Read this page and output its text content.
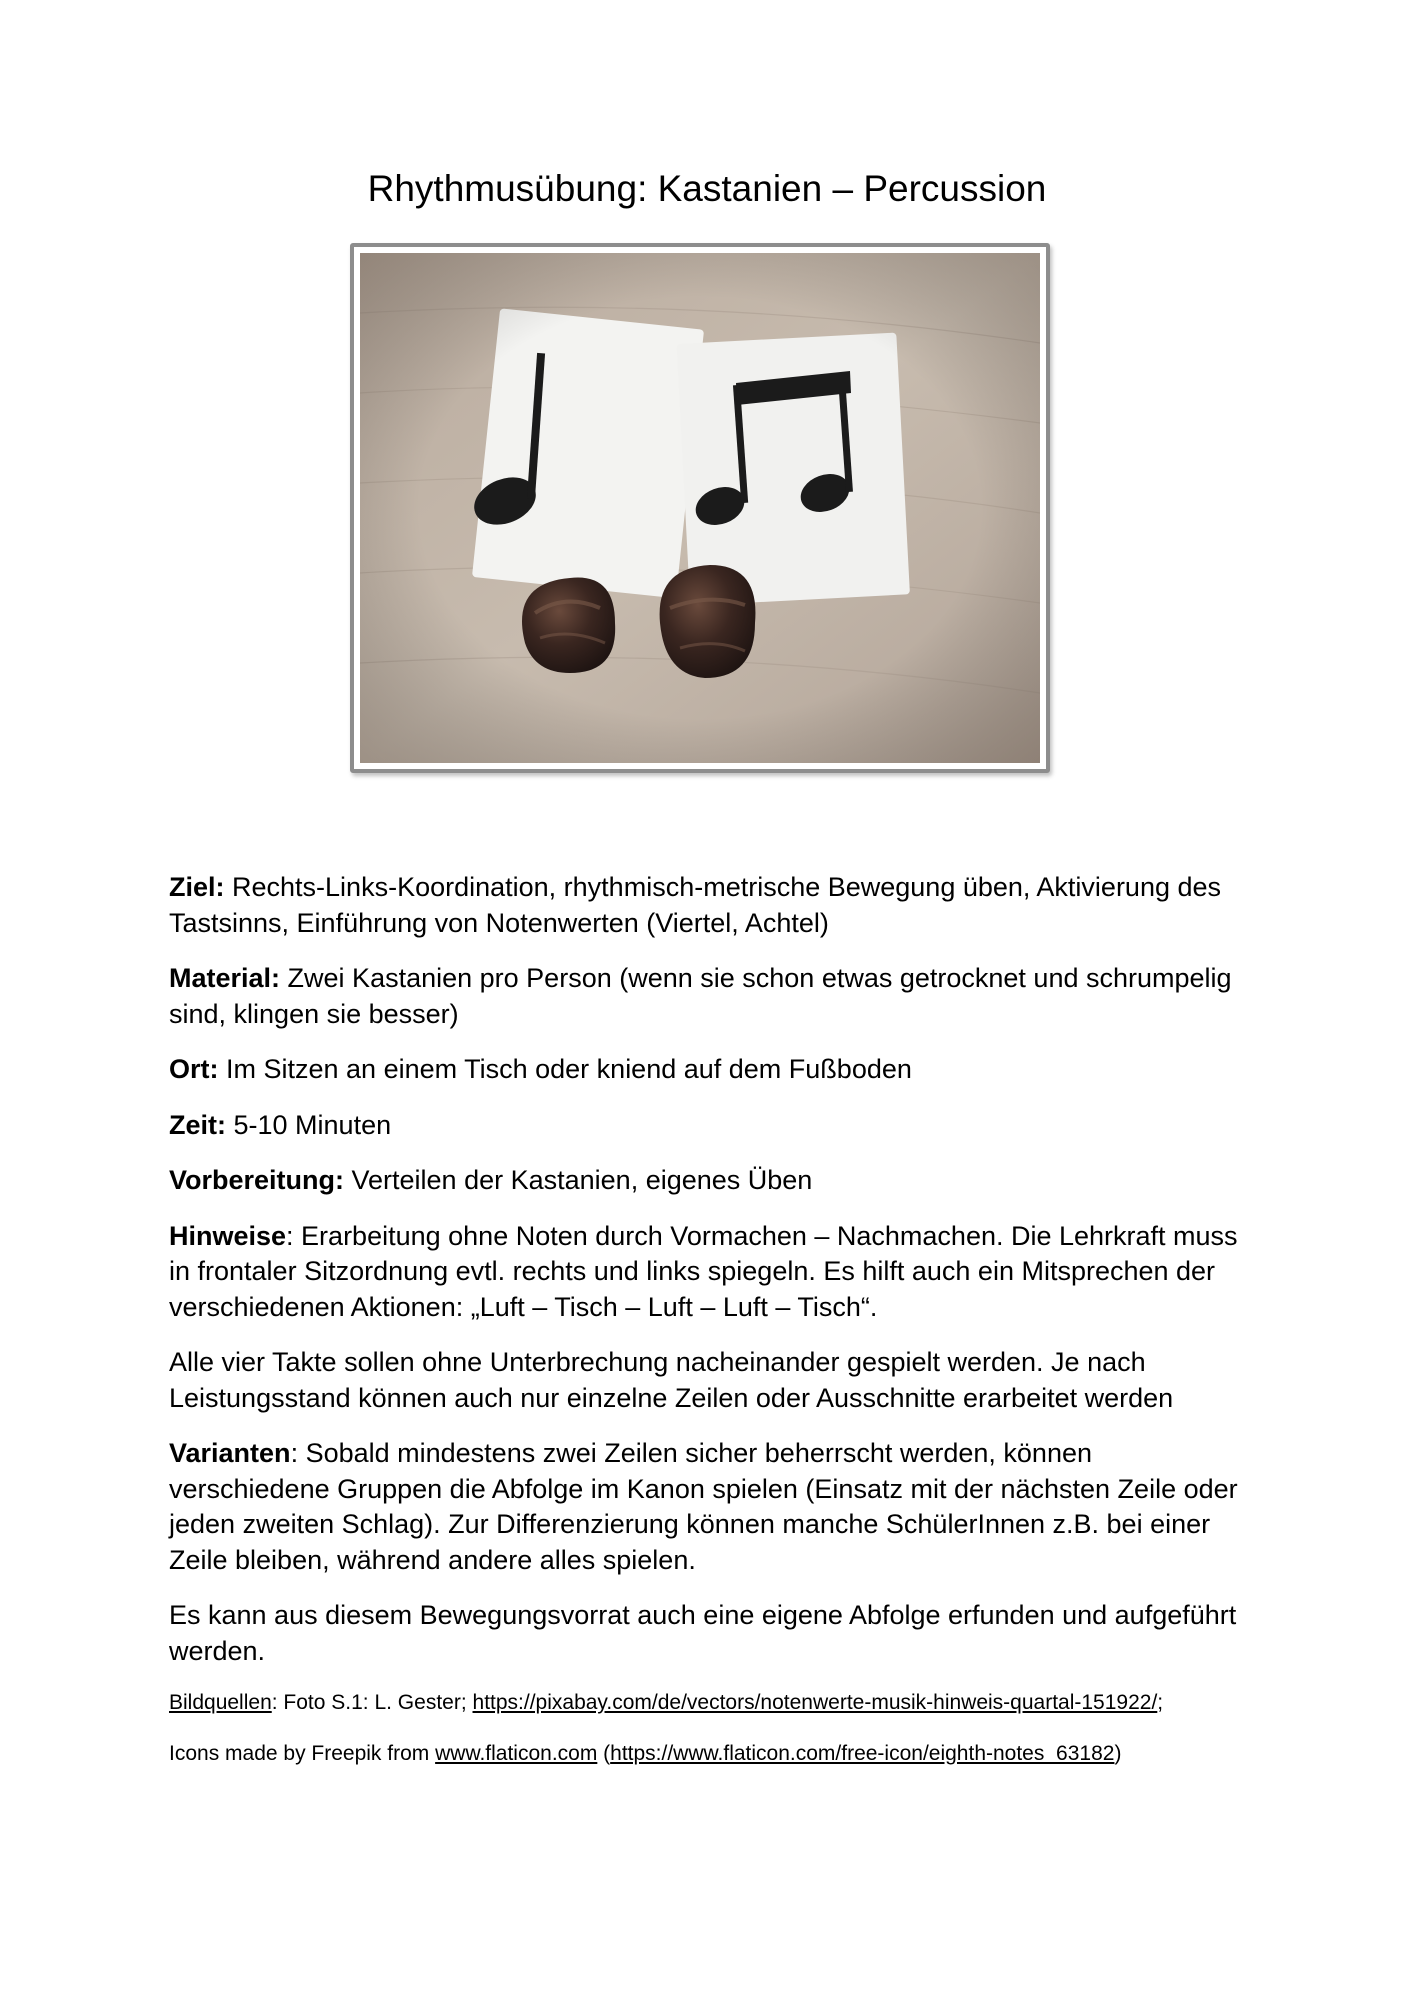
Rhythmusübung: Kastanien – Percussion

Ziel: Rechts-Links-Koordination, rhythmisch-metrische Bewegung üben, Aktivierung des Tastsinns, Einführung von Notenwerten (Viertel, Achtel)

Material: Zwei Kastanien pro Person (wenn sie schon etwas getrocknet und schrumpelig sind, klingen sie besser)

Ort: Im Sitzen an einem Tisch oder kniend auf dem Fußboden

Zeit: 5-10 Minuten

Vorbereitung: Verteilen der Kastanien, eigenes Üben

Hinweise: Erarbeitung ohne Noten durch Vormachen – Nachmachen. Die Lehrkraft muss in frontaler Sitzordnung evtl. rechts und links spiegeln. Es hilft auch ein Mitsprechen der verschiedenen Aktionen: „Luft – Tisch – Luft – Luft – Tisch“.

Alle vier Takte sollen ohne Unterbrechung nacheinander gespielt werden. Je nach Leistungsstand können auch nur einzelne Zeilen oder Ausschnitte erarbeitet werden

Varianten: Sobald mindestens zwei Zeilen sicher beherrscht werden, können verschiedene Gruppen die Abfolge im Kanon spielen (Einsatz mit der nächsten Zeile oder jeden zweiten Schlag). Zur Differenzierung können manche SchülerInnen z.B. bei einer Zeile bleiben, während andere alles spielen.

Es kann aus diesem Bewegungsvorrat auch eine eigene Abfolge erfunden und aufgeführt werden.

Bildquellen: Foto S.1: L. Gester; https://pixabay.com/de/vectors/notenwerte-musik-hinweis-quartal-151922/;

Icons made by Freepik from www.flaticon.com (https://www.flaticon.com/free-icon/eighth-notes_63182)
